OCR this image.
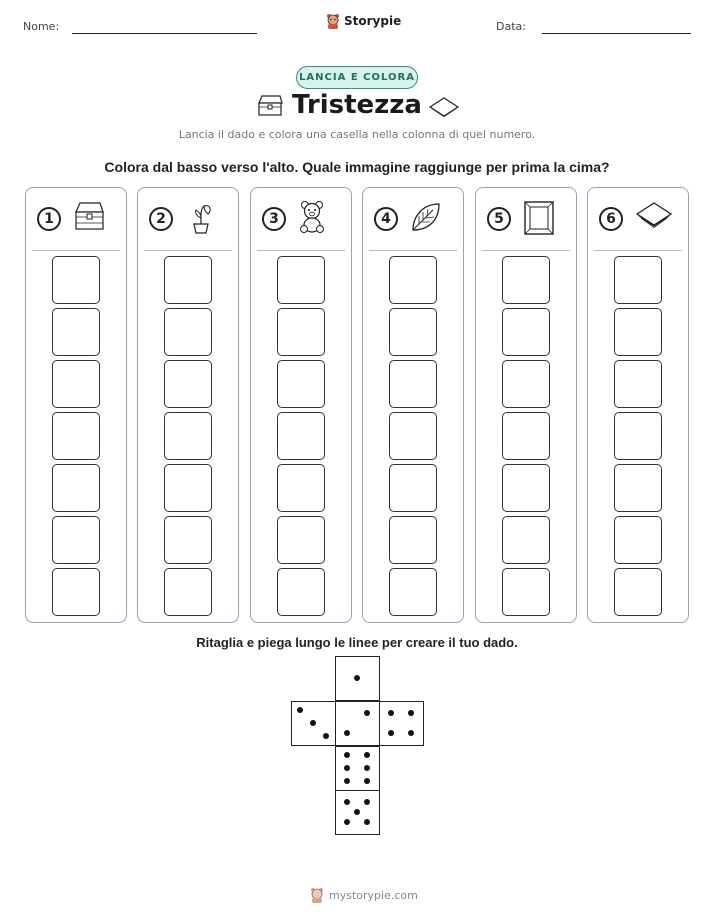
Nome:	Storypie	Data:
LANCIA E COLORA
Tristezza
Lancia il dado e colora una casella nella colonna di quel numero.
Colora dal basso verso l'alto. Quale immagine raggiunge per prima la cima?
1	2	3	4	5	6
Ritaglia e piega lungo le linee per creare il tuo dado.
mystorypie.com
